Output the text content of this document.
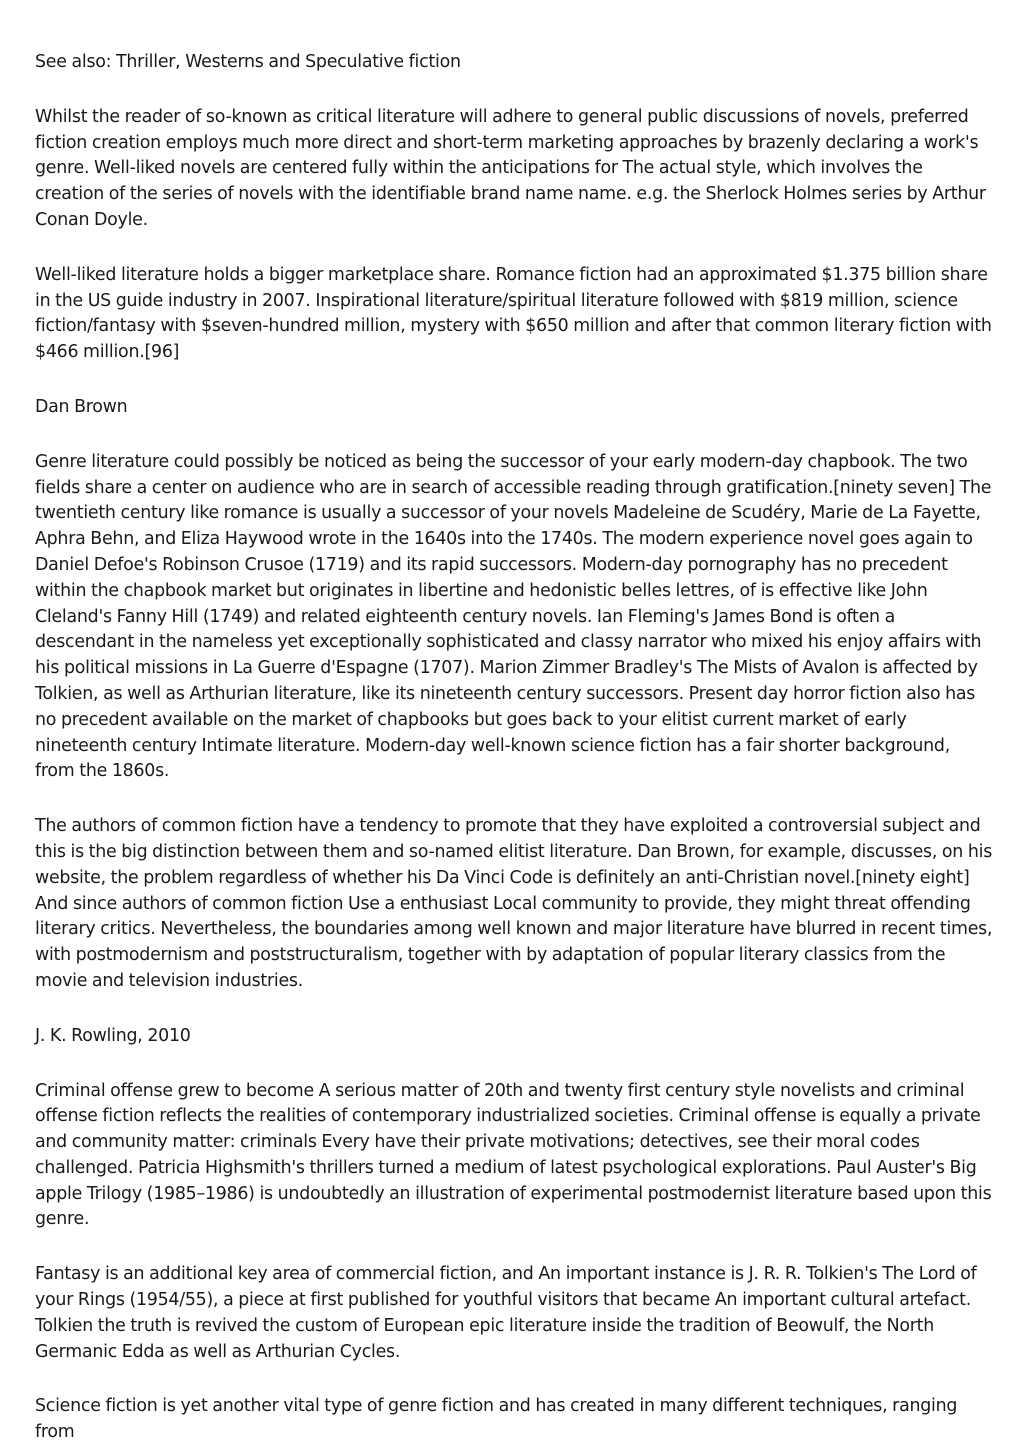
See also: Thriller, Westerns and Speculative fiction

Whilst the reader of so-known as critical literature will adhere to general public discussions of novels, preferred fiction creation employs much more direct and short-term marketing approaches by brazenly declaring a work's genre. Well-liked novels are centered fully within the anticipations for The actual style, which involves the creation of the series of novels with the identifiable brand name name. e.g. the Sherlock Holmes series by Arthur Conan Doyle.

Well-liked literature holds a bigger marketplace share. Romance fiction had an approximated $1.375 billion share in the US guide industry in 2007. Inspirational literature/spiritual literature followed with $819 million, science fiction/fantasy with $seven-hundred million, mystery with $650 million and after that common literary fiction with $466 million.[96]

Dan Brown

Genre literature could possibly be noticed as being the successor of your early modern-day chapbook. The two fields share a center on audience who are in search of accessible reading through gratification.[ninety seven] The twentieth century like romance is usually a successor of your novels Madeleine de Scudéry, Marie de La Fayette, Aphra Behn, and Eliza Haywood wrote in the 1640s into the 1740s. The modern experience novel goes again to Daniel Defoe's Robinson Crusoe (1719) and its rapid successors. Modern-day pornography has no precedent within the chapbook market but originates in libertine and hedonistic belles lettres, of is effective like John Cleland's Fanny Hill (1749) and related eighteenth century novels. Ian Fleming's James Bond is often a descendant in the nameless yet exceptionally sophisticated and classy narrator who mixed his enjoy affairs with his political missions in La Guerre d'Espagne (1707). Marion Zimmer Bradley's The Mists of Avalon is affected by Tolkien, as well as Arthurian literature, like its nineteenth century successors. Present day horror fiction also has no precedent available on the market of chapbooks but goes back to your elitist current market of early nineteenth century Intimate literature. Modern-day well-known science fiction has a fair shorter background, from the 1860s.

The authors of common fiction have a tendency to promote that they have exploited a controversial subject and this is the big distinction between them and so-named elitist literature. Dan Brown, for example, discusses, on his website, the problem regardless of whether his Da Vinci Code is definitely an anti-Christian novel.[ninety eight] And since authors of common fiction Use a enthusiast Local community to provide, they might threat offending literary critics. Nevertheless, the boundaries among well known and major literature have blurred in recent times, with postmodernism and poststructuralism, together with by adaptation of popular literary classics from the movie and television industries.

J. K. Rowling, 2010

Criminal offense grew to become A serious matter of 20th and twenty first century style novelists and criminal offense fiction reflects the realities of contemporary industrialized societies. Criminal offense is equally a private and community matter: criminals Every have their private motivations; detectives, see their moral codes challenged. Patricia Highsmith's thrillers turned a medium of latest psychological explorations. Paul Auster's Big apple Trilogy (1985–1986) is undoubtedly an illustration of experimental postmodernist literature based upon this genre.

Fantasy is an additional key area of commercial fiction, and An important instance is J. R. R. Tolkien's The Lord of your Rings (1954/55), a piece at first published for youthful visitors that became An important cultural artefact. Tolkien the truth is revived the custom of European epic literature inside the tradition of Beowulf, the North Germanic Edda as well as Arthurian Cycles.

Science fiction is yet another vital type of genre fiction and has created in many different techniques, ranging from
